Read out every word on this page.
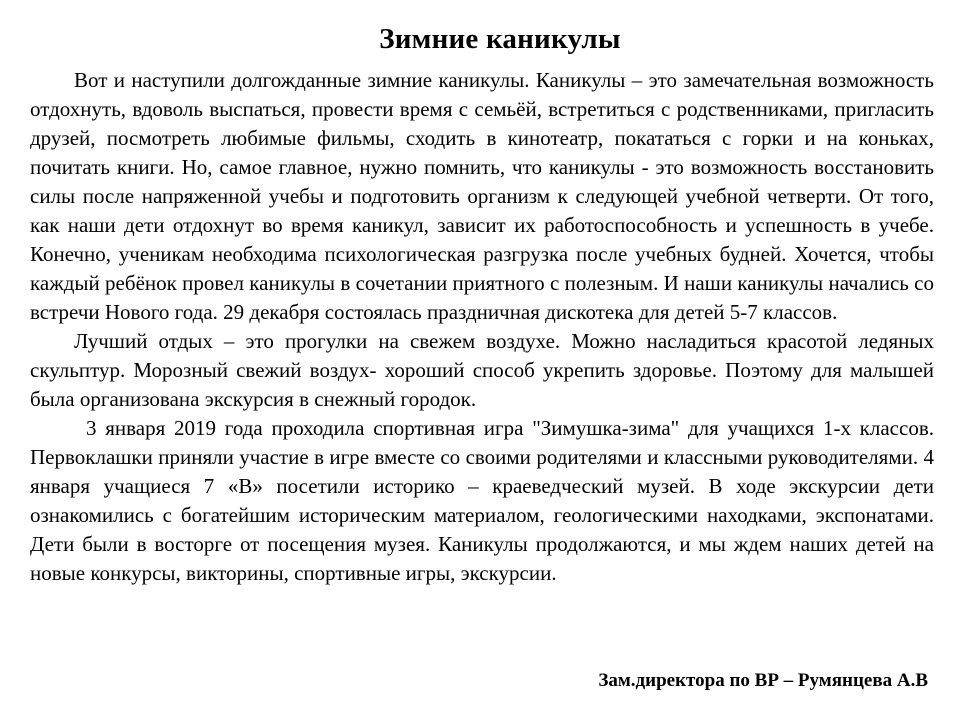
Зимние каникулы

Вот и наступили долгожданные зимние каникулы. Каникулы – это замечательная возможность отдохнуть, вдоволь выспаться, провести время с семьёй, встретиться с родственниками, пригласить друзей, посмотреть любимые фильмы, сходить в кинотеатр, покататься с горки и на коньках, почитать книги. Но, самое главное, нужно помнить, что каникулы - это возможность восстановить силы после напряженной учебы и подготовить организм к следующей учебной четверти. От того, как наши дети отдохнут во время каникул, зависит их работоспособность и успешность в учебе. Конечно, ученикам необходима психологическая разгрузка после учебных будней. Хочется, чтобы каждый ребёнок провел каникулы в сочетании приятного с полезным. И наши каникулы начались со встречи Нового года. 29 декабря состоялась праздничная дискотека для детей 5-7 классов.

Лучший отдых – это прогулки на свежем воздухе. Можно насладиться красотой ледяных скульптур. Морозный свежий воздух- хороший способ укрепить здоровье. Поэтому для малышей была организована экскурсия в снежный городок.

3 января 2019 года проходила спортивная игра "Зимушка-зима" для учащихся 1-х классов. Первоклашки приняли участие в игре вместе со своими родителями и классными руководителями. 4 января учащиеся 7 «В» посетили историко – краеведческий музей. В ходе экскурсии дети ознакомились с богатейшим историческим материалом, геологическими находками, экспонатами. Дети были в восторге от посещения музея. Каникулы продолжаются, и мы ждем наших детей на новые конкурсы, викторины, спортивные игры, экскурсии.

Зам.директора по ВР – Румянцева А.В
